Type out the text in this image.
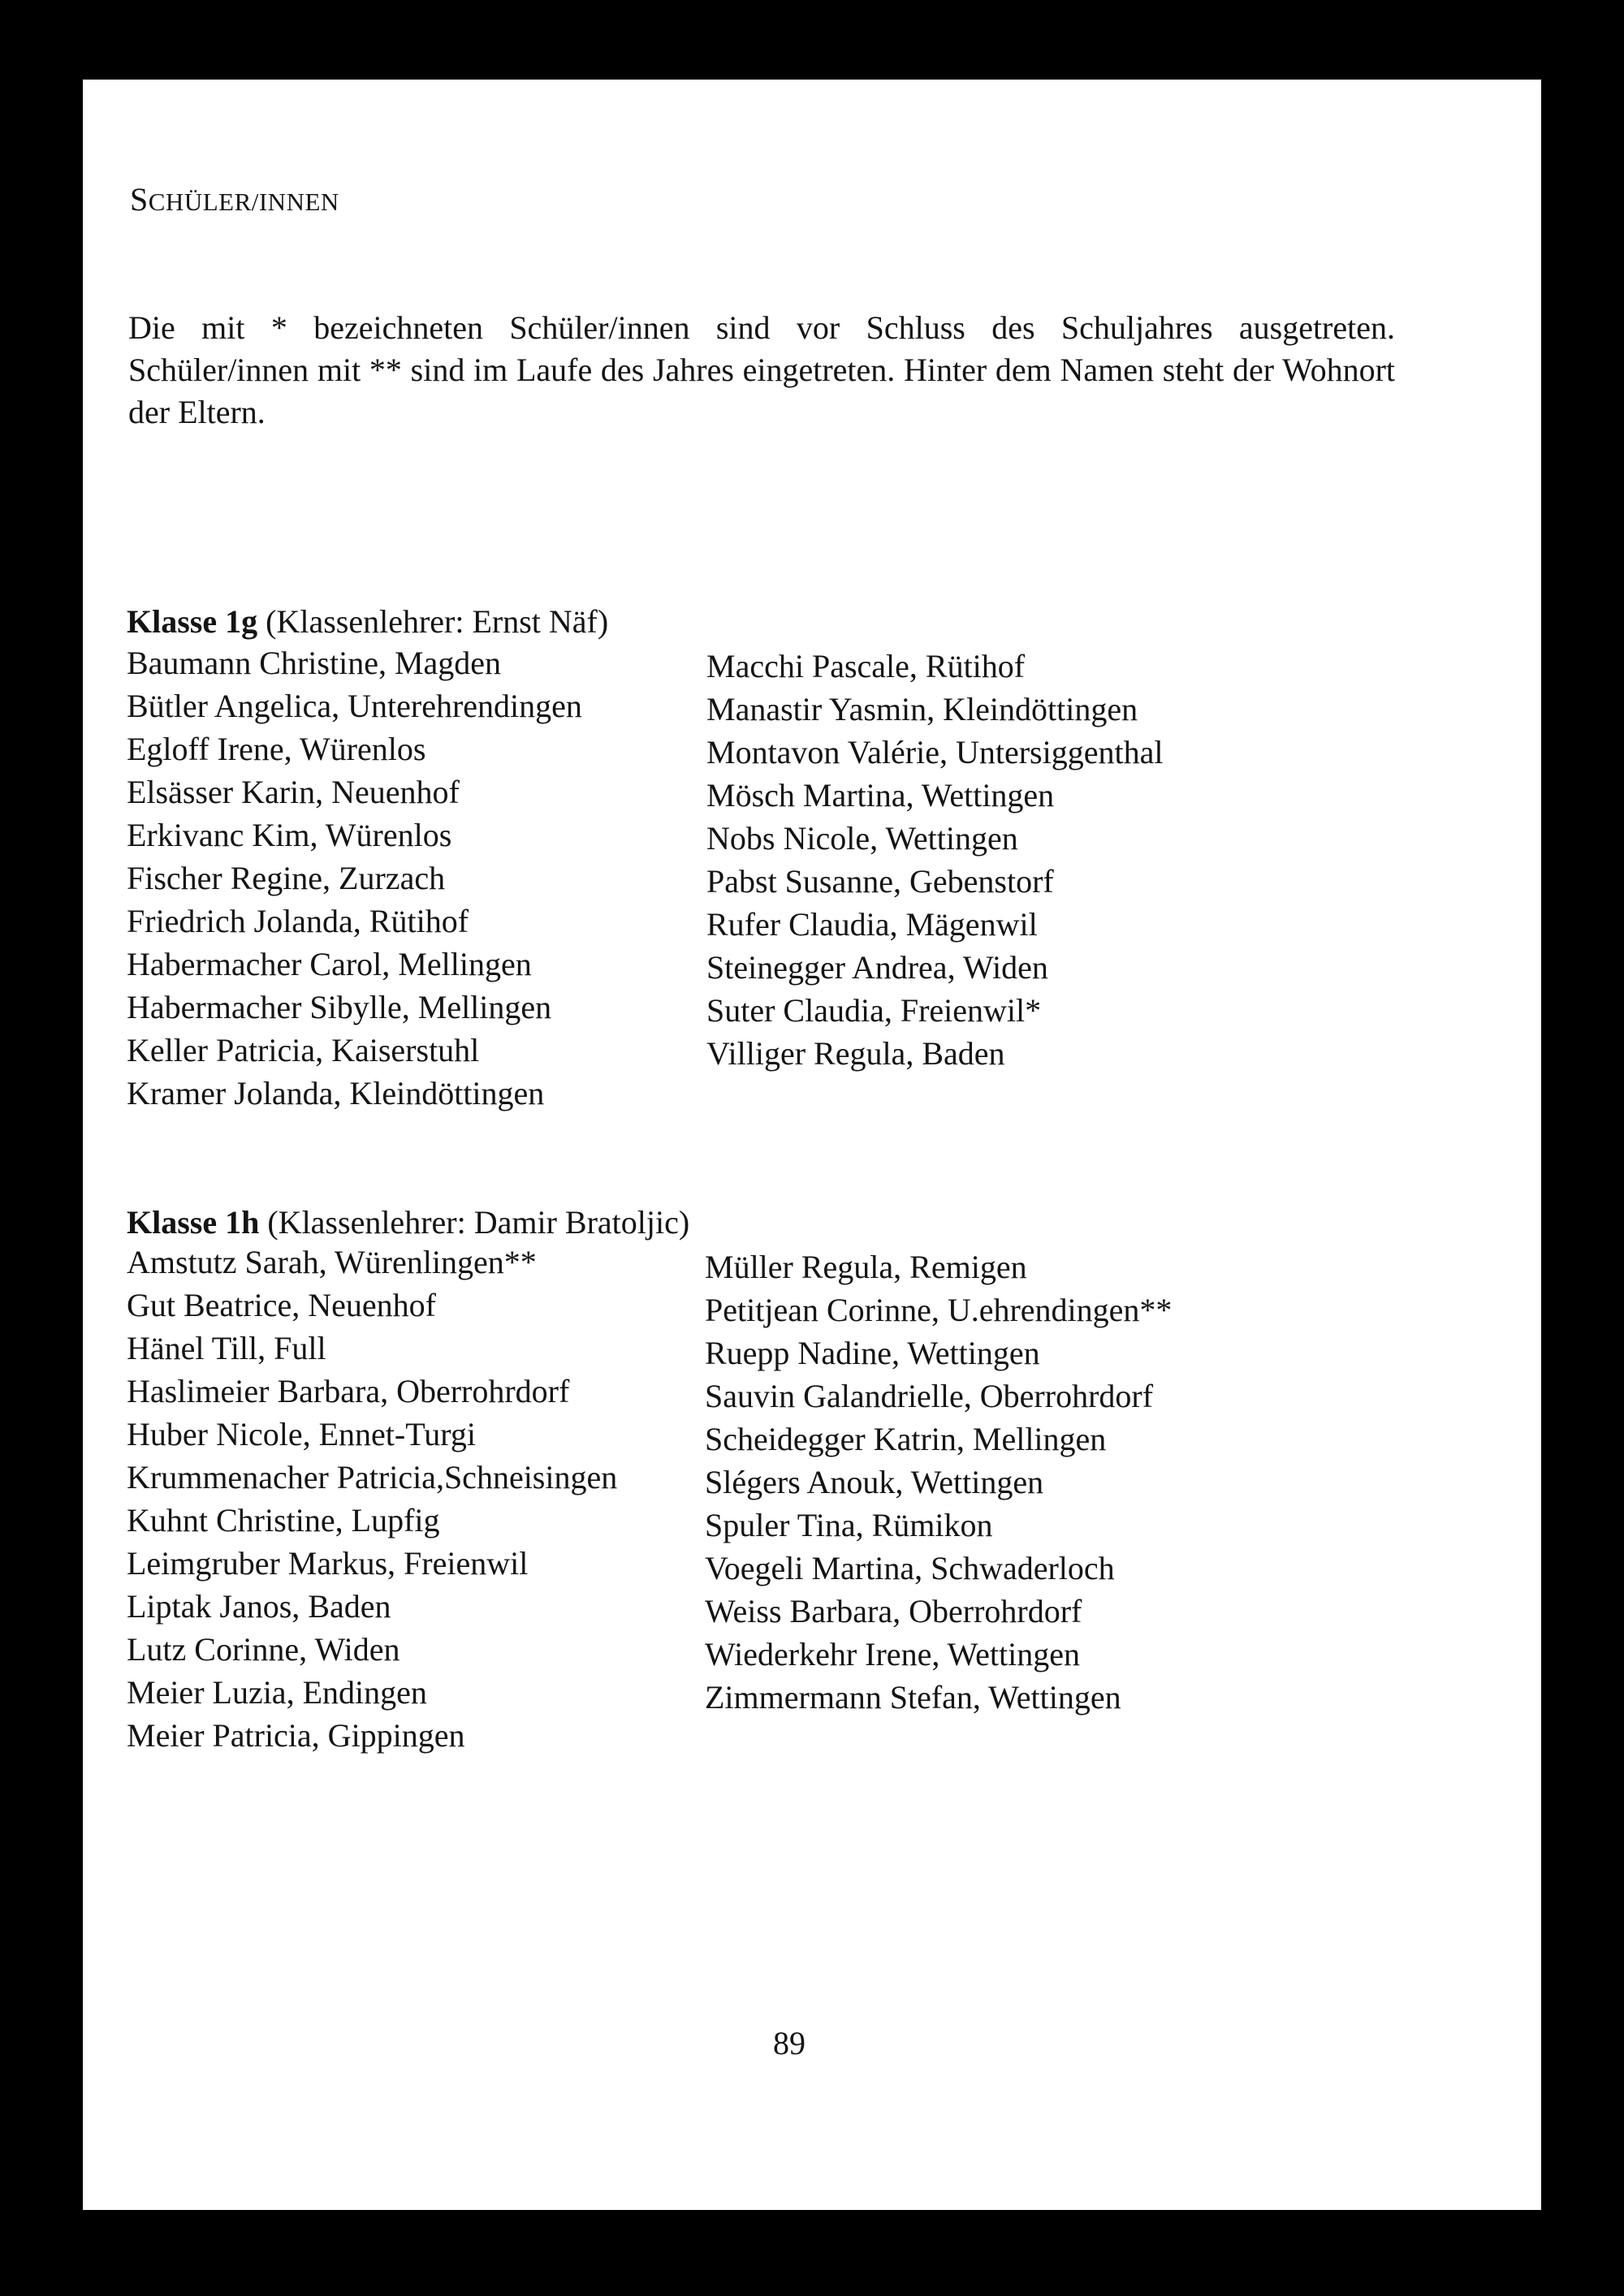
SCHÜLER/INNEN

Die mit * bezeichneten Schüler/innen sind vor Schluss des Schuljahres ausgetreten. Schüler/innen mit ** sind im Laufe des Jahres eingetreten. Hinter dem Namen steht der Wohnort der Eltern.

Klasse 1g (Klassenlehrer: Ernst Näf)
Baumann Christine, Magden
Bütler Angelica, Unterehrendingen
Egloff Irene, Würenlos
Elsässer Karin, Neuenhof
Erkivanc Kim, Würenlos
Fischer Regine, Zurzach
Friedrich Jolanda, Rütihof
Habermacher Carol, Mellingen
Habermacher Sibylle, Mellingen
Keller Patricia, Kaiserstuhl
Kramer Jolanda, Kleindöttingen
Macchi Pascale, Rütihof
Manastir Yasmin, Kleindöttingen
Montavon Valérie, Untersiggenthal
Mösch Martina, Wettingen
Nobs Nicole, Wettingen
Pabst Susanne, Gebenstorf
Rufer Claudia, Mägenwil
Steinegger Andrea, Widen
Suter Claudia, Freienwil*
Villiger Regula, Baden
Klasse 1h (Klassenlehrer: Damir Bratoljic)
Amstutz Sarah, Würenlingen**
Gut Beatrice, Neuenhof
Hänel Till, Full
Haslimeier Barbara, Oberrohrdorf
Huber Nicole, Ennet-Turgi
Krummenacher Patricia,Schneisingen
Kuhnt Christine, Lupfig
Leimgruber Markus, Freienwil
Liptak Janos, Baden
Lutz Corinne, Widen
Meier Luzia, Endingen
Meier Patricia, Gippingen
Müller Regula, Remigen
Petitjean Corinne, U.ehrendingen**
Ruepp Nadine, Wettingen
Sauvin Galandrielle, Oberrohrdorf
Scheidegger Katrin, Mellingen
Slégers Anouk, Wettingen
Spuler Tina, Rümikon
Voegeli Martina, Schwaderloch
Weiss Barbara, Oberrohrdorf
Wiederkehr Irene, Wettingen
Zimmermann Stefan, Wettingen
89
